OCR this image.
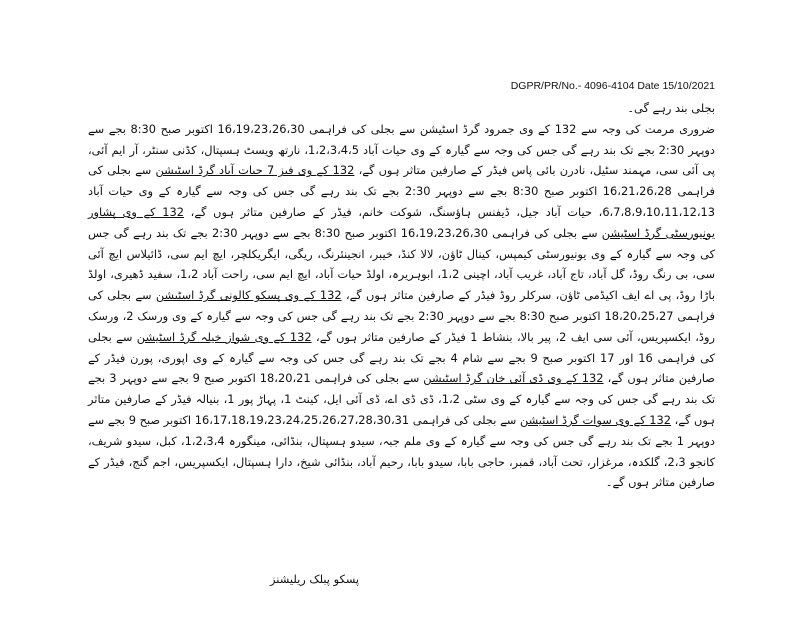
DGPR/PR/No.- 4096-4104 Date 15/10/2021

بجلی بند رہے گی۔

ضروری مرمت کی وجہ سے 132 کے وی جمرود گرڈ اسٹیشن سے بجلی کی فراہمی 16،19،23،26،30 اکتوبر صبح 8:30 بجے سے دوپہر 2:30 بجے تک بند رہے گی جس کی وجہ سے گیارہ کے وی حیات آباد 1،2،3،4،5، نارتھ ویسٹ ہسپتال، کڈنی سنٹر، آر ایم آئی، پی آئی سی، مہمند سٹیل، نادرن بائی پاس فیڈر کے صارفین متاثر ہوں گے، 132 کے وی فیز 7 حیات آباد گرڈ اسٹیشن سے بجلی کی فراہمی 16،21،26،28 اکتوبر صبح 8:30 بجے سے دوپہر 2:30 بجے تک بند رہے گی جس کی وجہ سے گیارہ کے وی حیات آباد 6،7،8،9،10،11،12،13، حیات آباد جیل، ڈیفنس ہاؤسنگ، شوکت خانم، فیڈر کے صارفین متاثر ہوں گے، 132 کے وی پشاور یونیورسٹی گرڈ اسٹیشن سے بجلی کی فراہمی 16،19،23،26،30 اکتوبر صبح 8:30 بجے سے دوپہر 2:30 بجے تک بند رہے گی جس کی وجہ سے گیارہ کے وی یونیورسٹی کیمپس، کینال ٹاؤن، لالا کنڈ، خیبر، انجینئرنگ، ریگی، ایگریکلچر، ایچ ایم سی، ڈائیلاس ایچ آئی سی، بی رنگ روڈ، گل آباد، تاج آباد، غریب آباد، اچینی 1،2، ابوہریرہ، اولڈ حیات آباد، ایچ ایم سی، راحت آباد 1،2، سفید ڈھیری، اولڈ باڑا روڈ، پی اے ایف اکیڈمی ٹاؤن، سرکلر روڈ فیڈر کے صارفین متاثر ہوں گے، 132 کے وی پسکو کالونی گرڈ اسٹیشن سے بجلی کی فراہمی 18،20،25،27 اکتوبر صبح 8:30 بجے سے دوپہر 2:30 بجے تک بند رہے گی جس کی وجہ سے گیارہ کے وی ورسک 2، ورسک روڈ، ایکسپریس، آئی سی ایف 2، پیر بالا، بنشاط 1 فیڈر کے صارفین متاثر ہوں گے، 132 کے وی شواز خیلہ گرڈ اسٹیشن سے بجلی کی فراہمی 16 اور 17 اکتوبر صبح 9 بجے سے شام 4 بجے تک بند رہے گی جس کی وجہ سے گیارہ کے وی اپوری، پورن فیڈر کے صارفین متاثر ہوں گے، 132 کے وی ڈی آئی خان گرڈ اسٹیشن سے بجلی کی فراہمی 18،20،21 اکتوبر صبح 9 بجے سے دوپہر 3 بجے تک بند رہے گی جس کی وجہ سے گیارہ کے وی سٹی 1،2، ڈی ڈی اے، ڈی آئی ایل، کینٹ 1، پہاڑ پور 1، بنیالہ فیڈر کے صارفین متاثر ہوں گے، 132 کے وی سوات گرڈ اسٹیشن سے بجلی کی فراہمی 16،17،18،19،23،24،25،26،27،28،30،31 اکتوبر صبح 9 بجے سے دوپہر 1 بجے تک بند رہے گی جس کی وجہ سے گیارہ کے وی ملم جبہ، سیدو ہسپتال، بنڈائی، مینگورہ 1،2،3،4، کبل، سیدو شریف، کانجو 2،3، گلکدہ، مرغزار، تحت آباد، قمبر، حاجی بابا، سیدو بابا، رحیم آباد، بنڈائی شیخ، دارا ہسپتال، ایکسپریس، اجم گنج، فیڈر کے صارفین متاثر ہوں گے۔

پسکو پبلک ریلیشنز
